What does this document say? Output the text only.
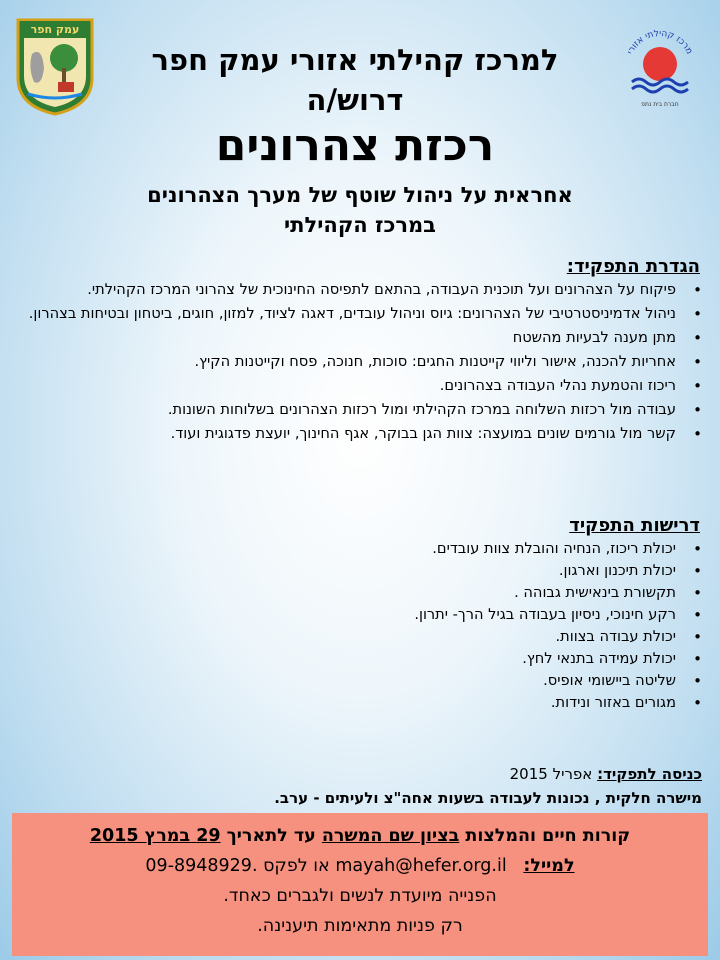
עמק חפר
מרכז קהילתי אזורי
חברת בית נתפ
למרכז קהילתי אזורי עמק חפר
דרוש/ה
רכזת צהרונים
אחראית על ניהול שוטף של מערך הצהרונים
במרכז הקהילתי
הגדרת התפקיד:
• פיקוח על הצהרונים ועל תוכנית העבודה, בהתאם לתפיסה החינוכית של צהרוני המרכז הקהילתי.
• ניהול אדמיניסטרטיבי של הצהרונים: גיוס וניהול עובדים, דאגה לציוד, למזון, חוגים, ביטחון ובטיחות בצהרון.
• מתן מענה לבעיות מהשטח
• אחריות להכנה, אישור וליווי קייטנות החגים: סוכות, חנוכה, פסח וקייטנות הקיץ.
• ריכוז והטמעת נהלי העבודה בצהרונים.
• עבודה מול רכזות השלוחה במרכז הקהילתי ומול רכזות הצהרונים בשלוחות השונות.
• קשר מול גורמים שונים במועצה: צוות הגן בבוקר, אגף החינוך, יועצת פדגוגית ועוד.
דרישות התפקיד
• יכולת ריכוז, הנחיה והובלת צוות עובדים.
• יכולת תיכנון וארגון.
• תקשורת בינאישית גבוהה .
• רקע חינוכי, ניסיון בעבודה בגיל הרך- יתרון.
• יכולת עבודה בצוות.
• יכולת עמידה בתנאי לחץ.
• שליטה ביישומי אופיס.
• מגורים באזור ונידות.
כניסה לתפקיד: אפריל 2015
מישרה חלקית , נכונות לעבודה בשעות אחה"צ ולעיתים - ערב.
קורות חיים והמלצות בציון שם המשרה עד לתאריך 29 במרץ 2015
למייל:   mayah@hefer.org.il או לפקס 09-8948929.
הפנייה מיועדת לנשים ולגברים כאחד.
רק פניות מתאימות תיענינה.
